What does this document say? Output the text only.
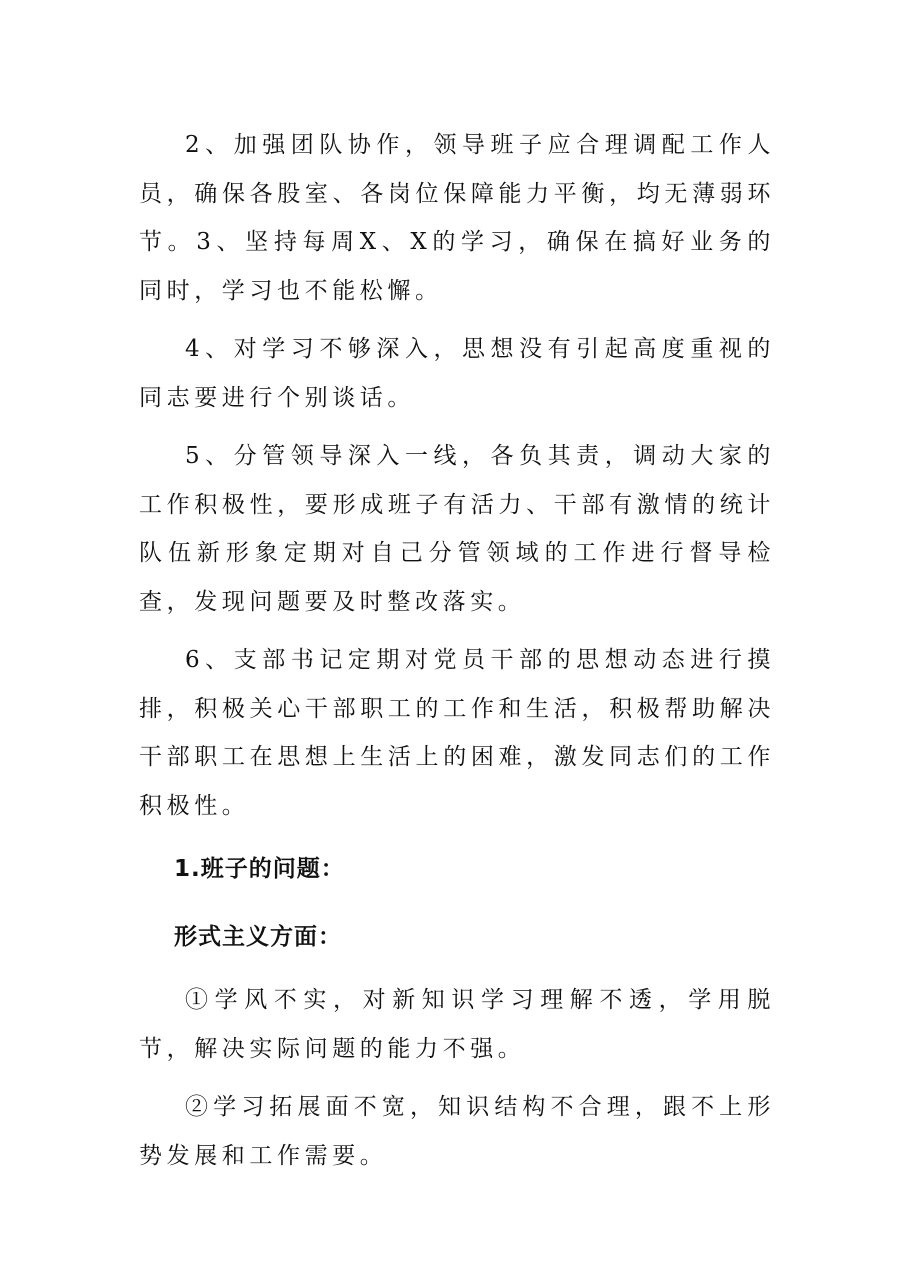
2、加强团队协作，领导班子应合理调配工作人员，确保各股室、各岗位保障能力平衡，均无薄弱环节。3、坚持每周X、X的学习，确保在搞好业务的同时，学习也不能松懈。

4、对学习不够深入，思想没有引起高度重视的同志要进行个别谈话。

5、分管领导深入一线，各负其责，调动大家的工作积极性，要形成班子有活力、干部有激情的统计队伍新形象定期对自己分管领域的工作进行督导检查，发现问题要及时整改落实。

6、支部书记定期对党员干部的思想动态进行摸排，积极关心干部职工的工作和生活，积极帮助解决干部职工在思想上生活上的困难，激发同志们的工作积极性。

1.班子的问题：

形式主义方面：

①学风不实，对新知识学习理解不透，学用脱节，解决实际问题的能力不强。

②学习拓展面不宽，知识结构不合理，跟不上形势发展和工作需要。
